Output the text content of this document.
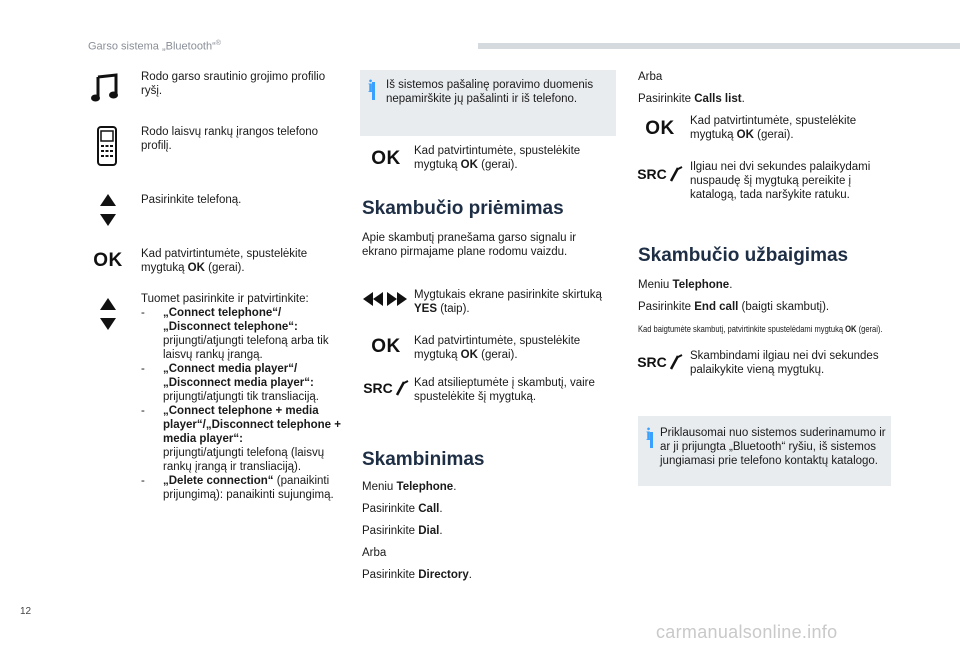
Garso sistema „Bluetooth“®
Rodo garso srautinio grojimo profilio ryšį.
Rodo laisvų rankų įrangos telefono profilį.
Pasirinkite telefoną.
OK	Kad patvirtintumėte, spustelėkite mygtuką OK (gerai).
Tuomet pasirinkite ir patvirtinkite:
-	„Connect telephone“/ „Disconnect telephone“:
prijungti/atjungti telefoną arba tik laisvų rankų įrangą.
-	„Connect media player“/ „Disconnect media player“:
prijungti/atjungti tik transliaciją.
-	„Connect telephone + media player“/„Disconnect telephone + media player“:
prijungti/atjungti telefoną (laisvų rankų įrangą ir transliaciją).
-	„Delete connection“ (panaikinti prijungimą): panaikinti sujungimą.
i Iš sistemos pašalinę poravimo duomenis nepamirškite jų pašalinti ir iš telefono.
OK	Kad patvirtintumėte, spustelėkite mygtuką OK (gerai).
Skambučio priėmimas
Apie skambutį pranešama garso signalu ir ekrano pirmajame plane rodomu vaizdu.
Mygtukais ekrane pasirinkite skirtuką YES (taip).
OK	Kad patvirtintumėte, spustelėkite mygtuką OK (gerai).
SRC Kad atsilieptumėte į skambutį, vaire spustelėkite šį mygtuką.
Skambinimas
Meniu Telephone.
Pasirinkite Call.
Pasirinkite Dial.
Arba
Pasirinkite Directory.
Arba
Pasirinkite Calls list.
OK	Kad patvirtintumėte, spustelėkite mygtuką OK (gerai).
SRC Ilgiau nei dvi sekundes palaikydami nuspaudę šį mygtuką pereikite į katalogą, tada naršykite ratuku.
Skambučio užbaigimas
Meniu Telephone.
Pasirinkite End call (baigti skambutį).
Kad baigtumėte skambutį, patvirtinkite spustelėdami mygtuką OK (gerai).
SRC Skambindami ilgiau nei dvi sekundes palaikykite vieną mygtukų.
i Priklausomai nuo sistemos suderinamumo ir ar ji prijungta „Bluetooth“ ryšiu, iš sistemos jungiamasi prie telefono kontaktų katalogo.
12
carmanualsonline.info
